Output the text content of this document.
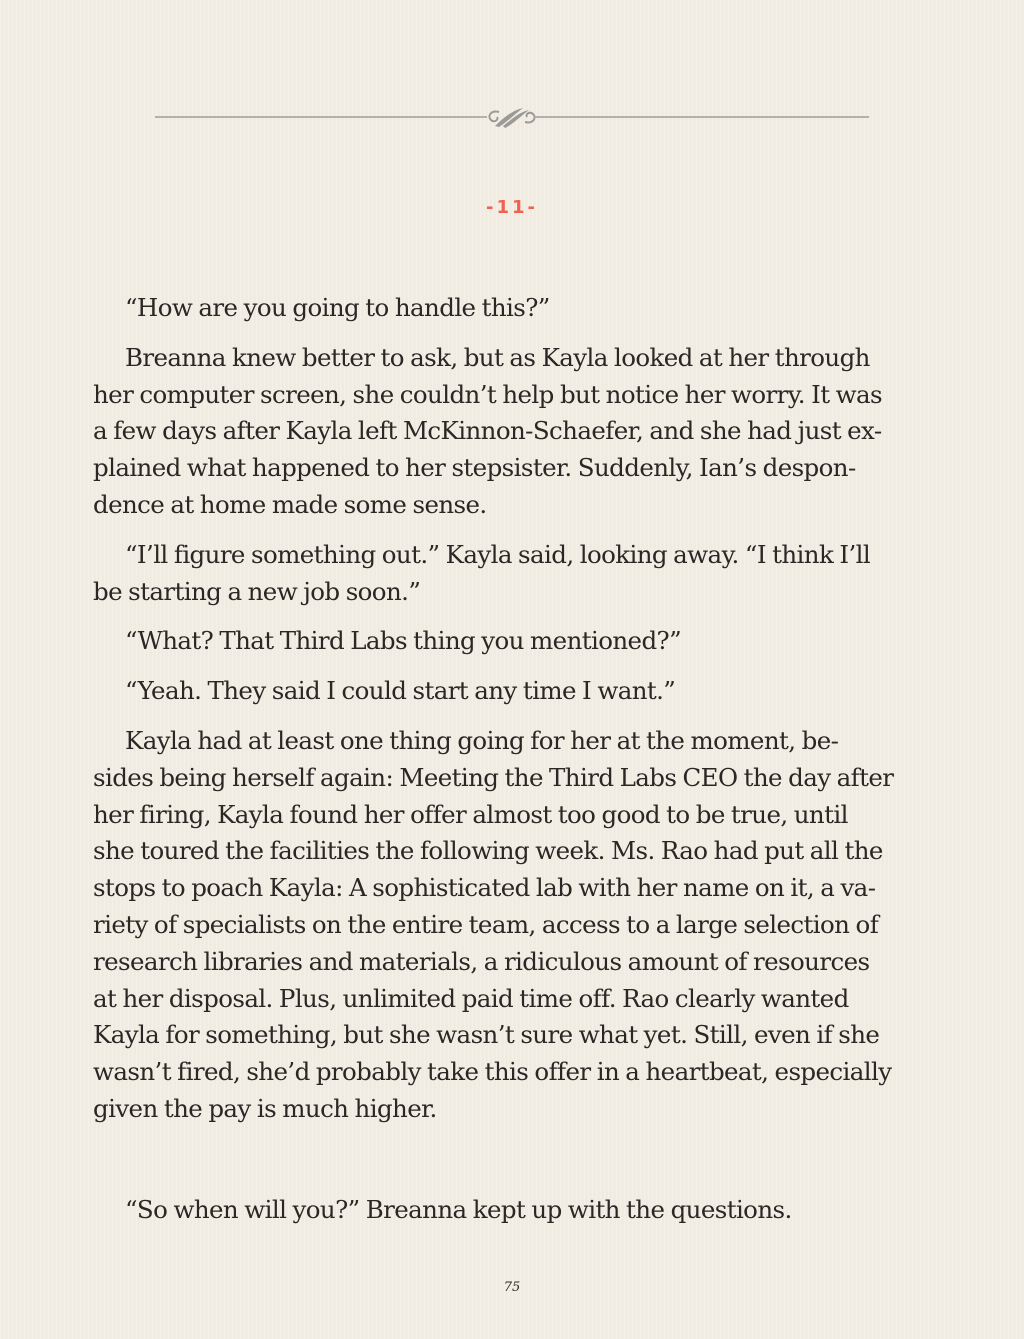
-11-
“How are you going to handle this?”
Breanna knew better to ask, but as Kayla looked at her through
her computer screen, she couldn’t help but notice her worry. It was
a few days after Kayla left McKinnon-Schaefer, and she had just ex-
plained what happened to her stepsister. Suddenly, Ian’s despon-
dence at home made some sense.
“I’ll figure something out.” Kayla said, looking away. “I think I’ll
be starting a new job soon.”
“What? That Third Labs thing you mentioned?”
“Yeah. They said I could start any time I want.”
Kayla had at least one thing going for her at the moment, be-
sides being herself again: Meeting the Third Labs CEO the day after
her firing, Kayla found her offer almost too good to be true, until
she toured the facilities the following week. Ms. Rao had put all the
stops to poach Kayla: A sophisticated lab with her name on it, a va-
riety of specialists on the entire team, access to a large selection of
research libraries and materials, a ridiculous amount of resources
at her disposal. Plus, unlimited paid time off. Rao clearly wanted
Kayla for something, but she wasn’t sure what yet. Still, even if she
wasn’t fired, she’d probably take this offer in a heartbeat, especially
given the pay is much higher.
“So when will you?” Breanna kept up with the questions.
75
